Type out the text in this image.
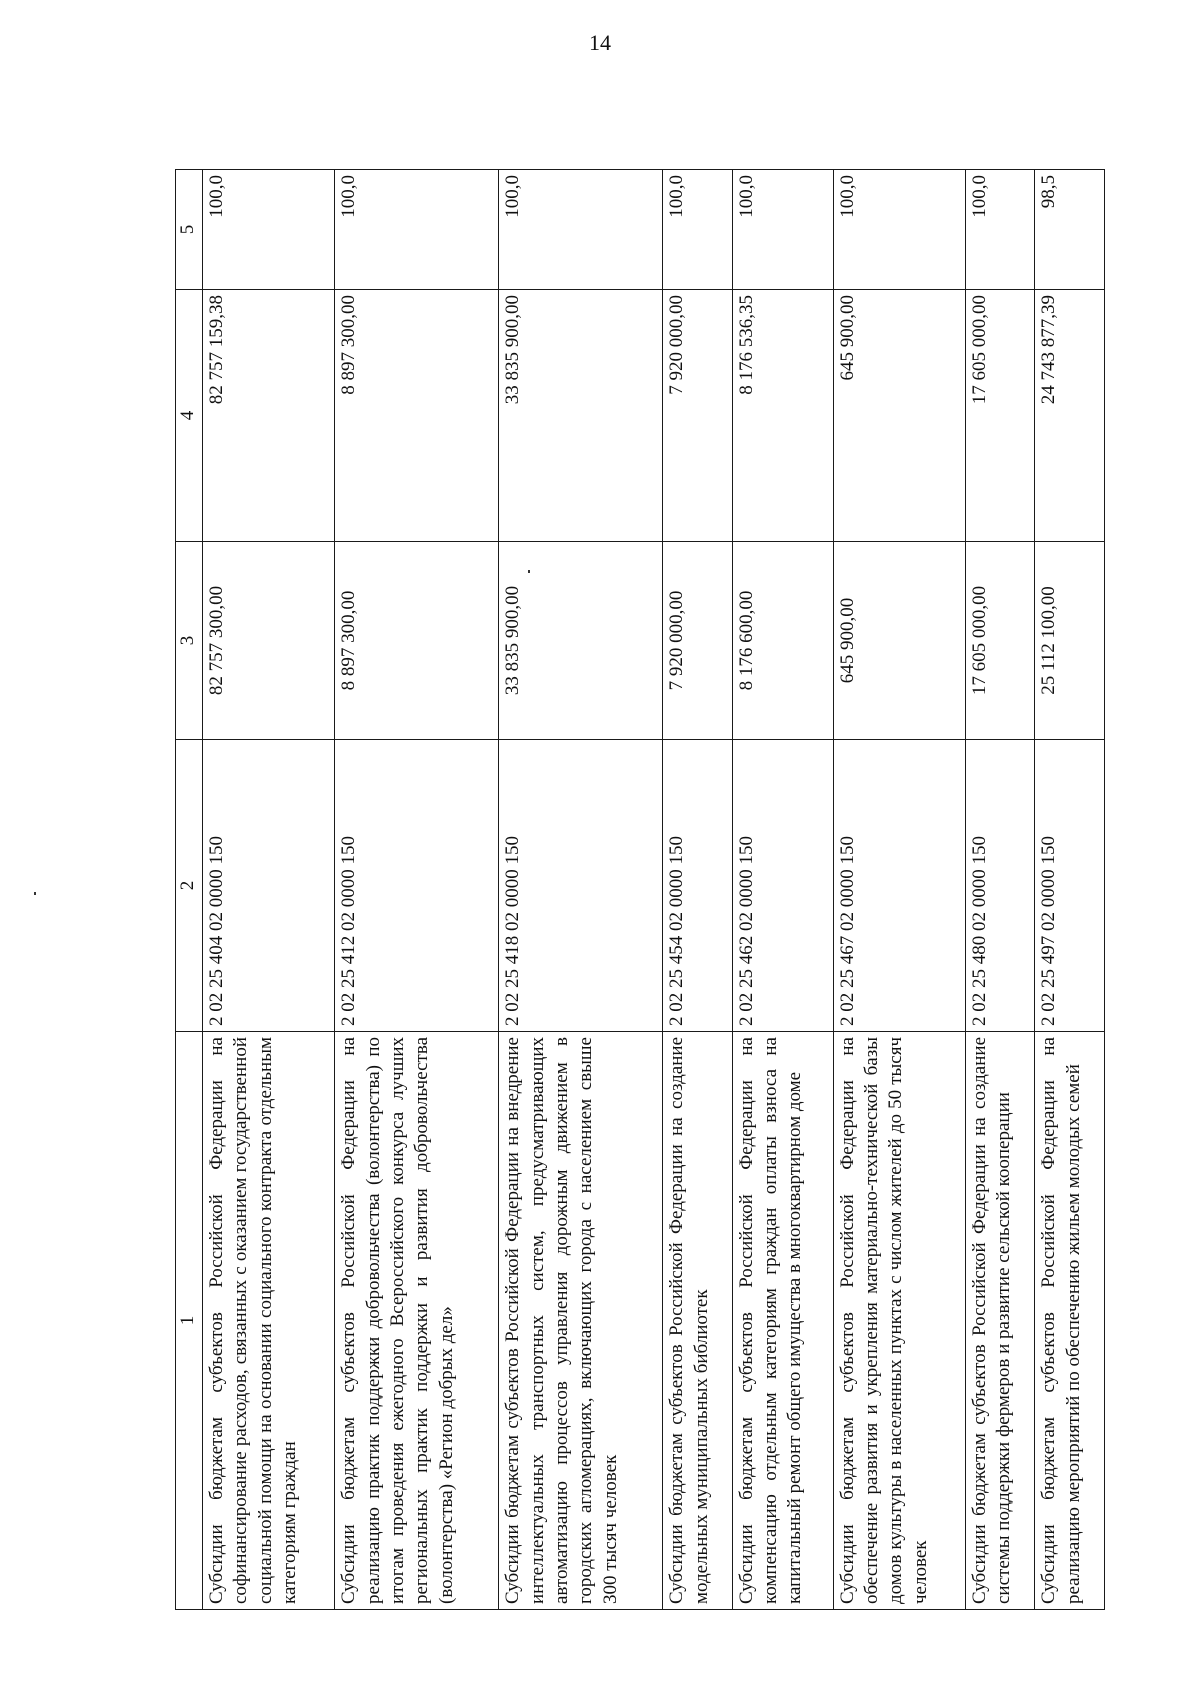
14
1	2	3	4	5
Субсидии бюджетам субъектов Российской Федерации на софинансирование расходов, связанных с оказанием государственной социальной помощи на основании социального контракта отдельным категориям граждан	2 02 25 404 02 0000 150	82 757 300,00	82 757 159,38	100,0
Субсидии бюджетам субъектов Российской Федерации на реализацию практик поддержки добровольчества (волонтерства) по итогам проведения ежегодного Всероссийского конкурса лучших региональных практик поддержки и развития добровольчества (волонтерства) «Регион добрых дел»	2 02 25 412 02 0000 150	8 897 300,00	8 897 300,00	100,0
Субсидии бюджетам субъектов Российской Федерации на внедрение интеллектуальных транспортных систем, предусматривающих автоматизацию процессов управления дорожным движением в городских агломерациях, включающих города с населением свыше 300 тысяч человек	2 02 25 418 02 0000 150	33 835 900,00	33 835 900,00	100,0
Субсидии бюджетам субъектов Российской Федерации на создание модельных муниципальных библиотек	2 02 25 454 02 0000 150	7 920 000,00	7 920 000,00	100,0
Субсидии бюджетам субъектов Российской Федерации на компенсацию отдельным категориям граждан оплаты взноса на капитальный ремонт общего имущества в многоквартирном доме	2 02 25 462 02 0000 150	8 176 600,00	8 176 536,35	100,0
Субсидии бюджетам субъектов Российской Федерации на обеспечение развития и укрепления материально-технической базы домов культуры в населенных пунктах с числом жителей до 50 тысяч человек	2 02 25 467 02 0000 150	645 900,00	645 900,00	100,0
Субсидии бюджетам субъектов Российской Федерации на создание системы поддержки фермеров и развитие сельской кооперации	2 02 25 480 02 0000 150	17 605 000,00	17 605 000,00	100,0
Субсидии бюджетам субъектов Российской Федерации на реализацию мероприятий по обеспечению жильем молодых семей	2 02 25 497 02 0000 150	25 112 100,00	24 743 877,39	98,5
